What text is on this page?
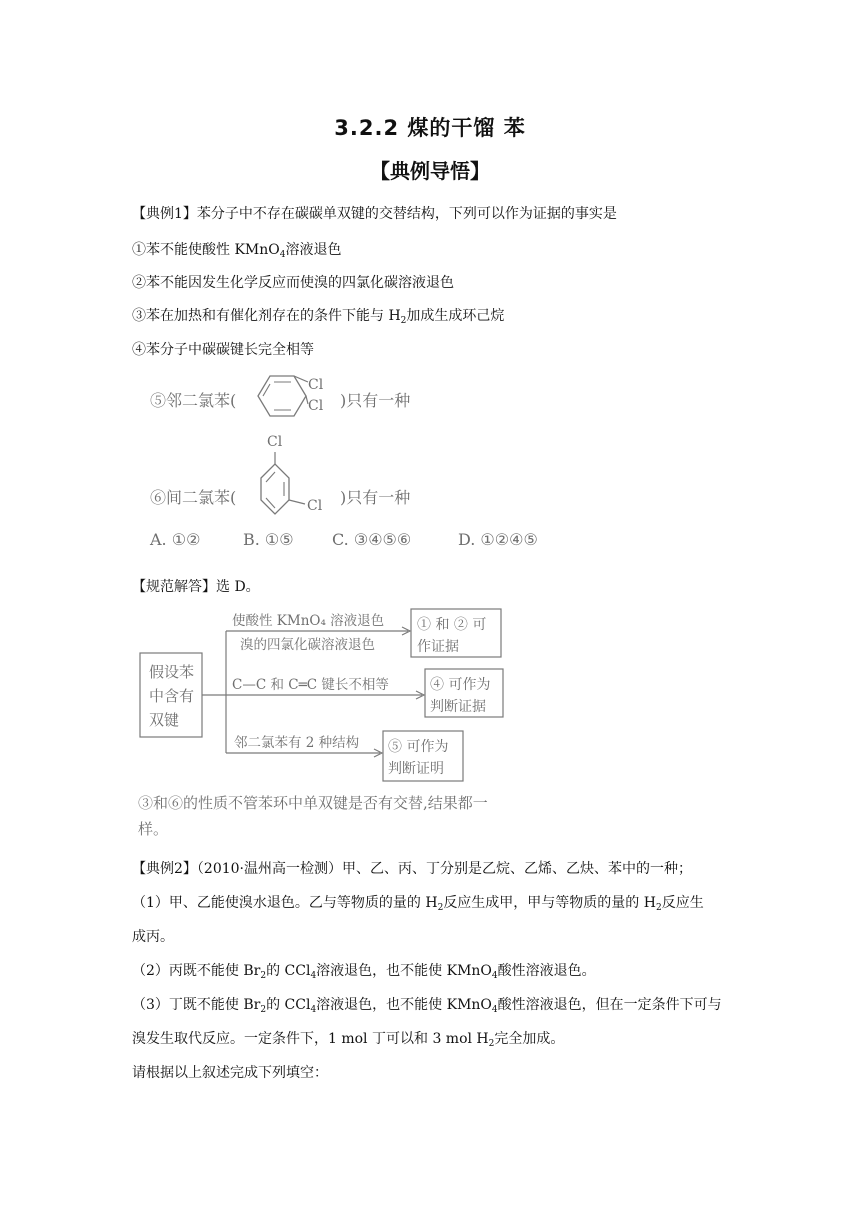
3.2.2 煤的干馏 苯
【典例导悟】
【典例1】苯分子中不存在碳碳单双键的交替结构，下列可以作为证据的事实是
①苯不能使酸性 KMnO$_4$溶液退色
②苯不能因发生化学反应而使溴的四氯化碳溶液退色
③苯在加热和有催化剂存在的条件下能与 $H_2$加成生成环己烷
④苯分子中碳碳键长完全相等
⑤邻二氯苯(
Cl
Cl )只有一种
Cl
Cl
⑥间二氯苯(	)只有一种
A. ①②	B. ①⑤ C. ③④⑤⑥	D. ①②④⑤
【规范解答】选 D。
假设苯
中含有
双键
使酸性 KMnO₄ 溶液退色
溴的四氯化碳溶液退色
① 和 ② 可
作证据
C—C 和 C═C 键长不相等	④ 可作为
判断证据
邻二氯苯有 2 种结构 ⑤ 可作为
判断证明
③和⑥的性质不管苯环中单双键是否有交替,结果都一
样。
【典例2】（2010·温州高一检测）甲、乙、丙、丁分别是乙烷、乙烯、乙炔、苯中的一种；
（1）甲、乙能使溴水退色。乙与等物质的量的 $H_2$反应生成甲，甲与等物质的量的 $H_2$反应生
成丙。
（2）丙既不能使 $Br_2$的 CCl$_4$溶液退色，也不能使 KMnO$_4$酸性溶液退色。
（3）丁既不能使 $Br_2$的 CCl$_4$溶液退色，也不能使 KMnO$_4$酸性溶液退色，但在一定条件下可与
溴发生取代反应。一定条件下，1 mol 丁可以和 3 mol $H_2$完全加成。
请根据以上叙述完成下列填空：
